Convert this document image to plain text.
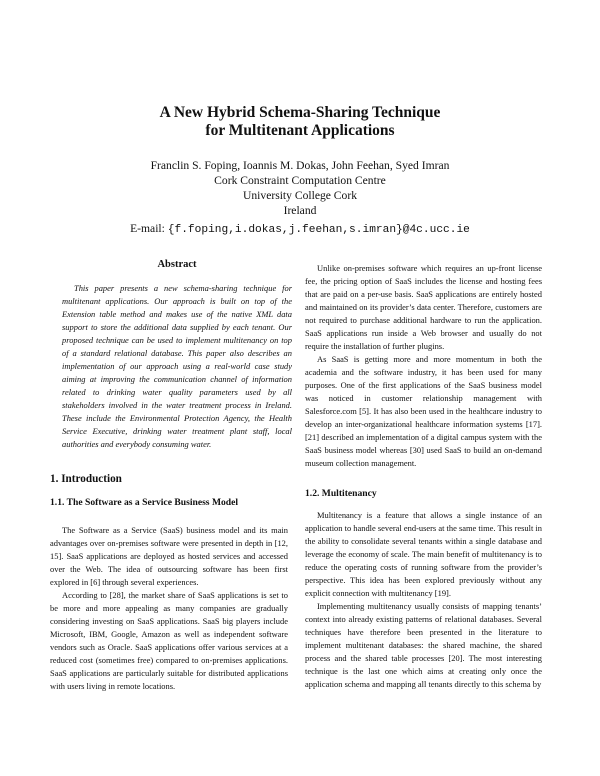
A New Hybrid Schema-Sharing Technique
for Multitenant Applications
Franclin S. Foping, Ioannis M. Dokas, John Feehan, Syed Imran
Cork Constraint Computation Centre
University College Cork
Ireland
E-mail: {f.foping,i.dokas,j.feehan,s.imran}@4c.ucc.ie
Abstract

This paper presents a new schema-sharing technique for multitenant applications. Our approach is built on top of the Extension table method and makes use of the native XML data support to store the additional data supplied by each tenant. Our proposed technique can be used to implement multitenancy on top of a standard relational database. This paper also describes an implementation of our approach using a real-world case study aiming at improving the communication channel of information related to drinking water quality parameters used by all stakeholders involved in the water treatment process in Ireland. These include the Environmental Protection Agency, the Health Service Executive, drinking water treatment plant staff, local authorities and everybody consuming water.

1. Introduction
1.1. The Software as a Service Business Model

The Software as a Service (SaaS) business model and its main advantages over on-premises software were presented in depth in [12, 15]. SaaS applications are deployed as hosted services and accessed over the Web. The idea of outsourcing software has been first explored in [6] through several experiences.

According to [28], the market share of SaaS applications is set to be more and more appealing as many companies are gradually considering investing on SaaS applications. SaaS big players include Microsoft, IBM, Google, Amazon as well as independent software vendors such as Oracle. SaaS applications offer various services at a reduced cost (sometimes free) compared to on-premises applications. SaaS applications are particularly suitable for distributed applications with users living in remote locations.

Unlike on-premises software which requires an up-front license fee, the pricing option of SaaS includes the license and hosting fees that are paid on a per-use basis. SaaS applications are entirely hosted and maintained on its provider’s data center. Therefore, customers are not required to purchase additional hardware to run the application. SaaS applications run inside a Web browser and usually do not require the installation of further plugins.

As SaaS is getting more and more momentum in both the academia and the software industry, it has been used for many purposes. One of the first applications of the SaaS business model was noticed in customer relationship management with Salesforce.com [5]. It has also been used in the healthcare industry to develop an inter-organizational healthcare information systems [17]. [21] described an implementation of a digital campus system with the SaaS business model whereas [30] used SaaS to build an on-demand museum collection management.

1.2. Multitenancy

Multitenancy is a feature that allows a single instance of an application to handle several end-users at the same time. This result in the ability to consolidate several tenants within a single database and leverage the economy of scale. The main benefit of multitenancy is to reduce the operating costs of running software from the provider’s perspective. This idea has been explored previously without any explicit connection with multitenancy [19].

Implementing multitenancy usually consists of mapping tenants’ context into already existing patterns of relational databases. Several techniques have therefore been presented in the literature to implement multitenant databases: the shared machine, the shared process and the shared table processes [20]. The most interesting technique is the last one which aims at creating only once the application schema and mapping all tenants directly to this schema by
